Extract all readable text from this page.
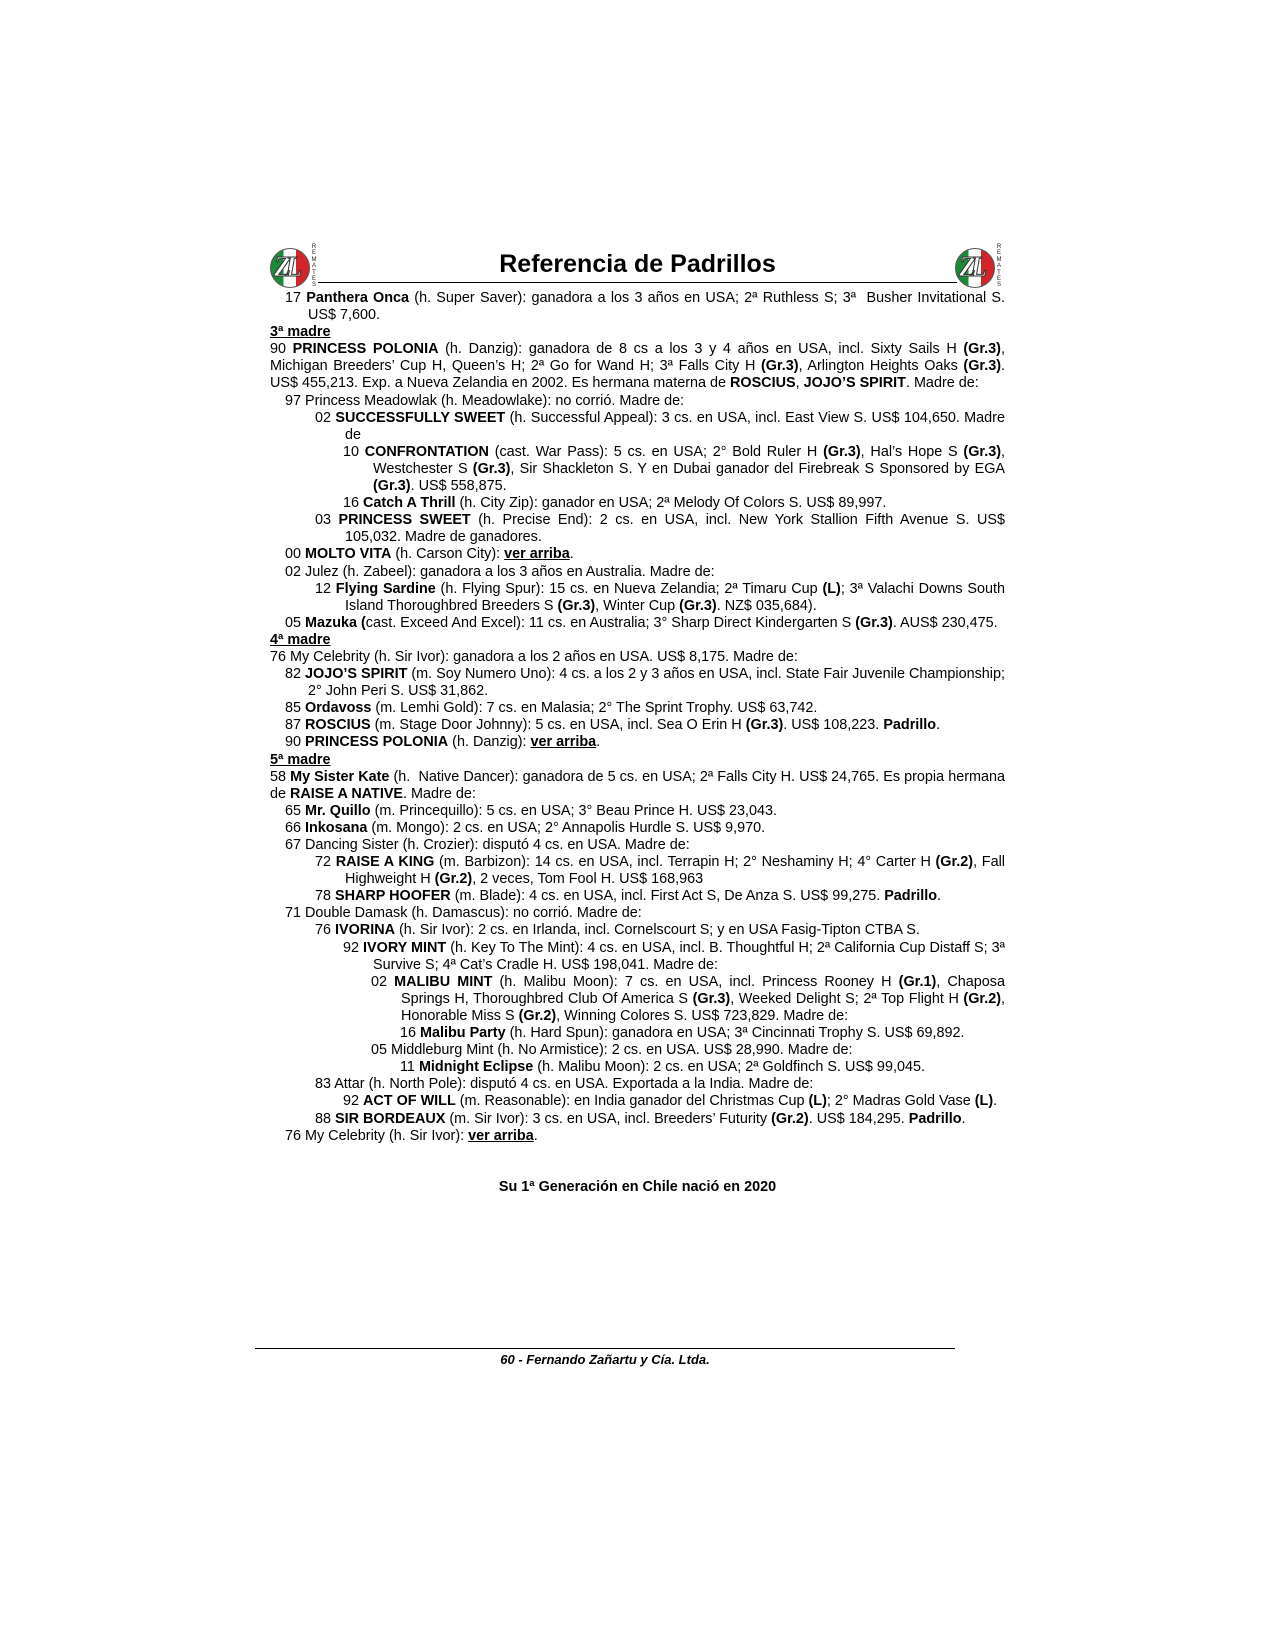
ZL
R
E
M
A
T
E
S
Referencia de Padrillos	ZL
R
E
M
A
T
E
S

17 Panthera Onca (h. Super Saver): ganadora a los 3 años en USA; 2ª Ruthless S; 3ª  Busher Invitational S. US$ 7,600.

3ª madre

90 PRINCESS POLONIA (h. Danzig): ganadora de 8 cs a los 3 y 4 años en USA, incl. Sixty Sails H (Gr.3), Michigan Breeders’ Cup H, Queen’s H; 2ª Go for Wand H; 3ª Falls City H (Gr.3), Arlington Heights Oaks (Gr.3). US$ 455,213. Exp. a Nueva Zelandia en 2002. Es hermana materna de ROSCIUS, JOJO’S SPIRIT. Madre de:

97 Princess Meadowlak (h. Meadowlake): no corrió. Madre de:

02 SUCCESSFULLY SWEET (h. Successful Appeal): 3 cs. en USA, incl. East View S. US$ 104,650. Madre de

10 CONFRONTATION (cast. War Pass): 5 cs. en USA; 2° Bold Ruler H (Gr.3), Hal’s Hope S (Gr.3), Westchester S (Gr.3), Sir Shackleton S. Y en Dubai ganador del Firebreak S Sponsored by EGA (Gr.3). US$ 558,875.

16 Catch A Thrill (h. City Zip): ganador en USA; 2ª Melody Of Colors S. US$ 89,997.

03 PRINCESS SWEET (h. Precise End): 2 cs. en USA, incl. New York Stallion Fifth Avenue S. US$ 105,032. Madre de ganadores.

00 MOLTO VITA (h. Carson City): ver arriba.

02 Julez (h. Zabeel): ganadora a los 3 años en Australia. Madre de:

12 Flying Sardine (h. Flying Spur): 15 cs. en Nueva Zelandia; 2ª Timaru Cup (L); 3ª Valachi Downs South Island Thoroughbred Breeders S (Gr.3), Winter Cup (Gr.3). NZ$ 035,684).

05 Mazuka (cast. Exceed And Excel): 11 cs. en Australia; 3° Sharp Direct Kindergarten S (Gr.3). AUS$ 230,475.

4ª madre

76 My Celebrity (h. Sir Ivor): ganadora a los 2 años en USA. US$ 8,175. Madre de:

82 JOJO’S SPIRIT (m. Soy Numero Uno): 4 cs. a los 2 y 3 años en USA, incl. State Fair Juvenile Championship; 2° John Peri S. US$ 31,862.

85 Ordavoss (m. Lemhi Gold): 7 cs. en Malasia; 2° The Sprint Trophy. US$ 63,742.

87 ROSCIUS (m. Stage Door Johnny): 5 cs. en USA, incl. Sea O Erin H (Gr.3). US$ 108,223. Padrillo.

90 PRINCESS POLONIA (h. Danzig): ver arriba.

5ª madre

58 My Sister Kate (h.  Native Dancer): ganadora de 5 cs. en USA; 2ª Falls City H. US$ 24,765. Es propia hermana de RAISE A NATIVE. Madre de:

65 Mr. Quillo (m. Princequillo): 5 cs. en USA; 3° Beau Prince H. US$ 23,043.

66 Inkosana (m. Mongo): 2 cs. en USA; 2° Annapolis Hurdle S. US$ 9,970.

67 Dancing Sister (h. Crozier): disputó 4 cs. en USA. Madre de:

72 RAISE A KING (m. Barbizon): 14 cs. en USA, incl. Terrapin H; 2° Neshaminy H; 4° Carter H (Gr.2), Fall Highweight H (Gr.2), 2 veces, Tom Fool H. US$ 168,963

78 SHARP HOOFER (m. Blade): 4 cs. en USA, incl. First Act S, De Anza S. US$ 99,275. Padrillo.

71 Double Damask (h. Damascus): no corrió. Madre de:

76 IVORINA (h. Sir Ivor): 2 cs. en Irlanda, incl. Cornelscourt S; y en USA Fasig-Tipton CTBA S.

92 IVORY MINT (h. Key To The Mint): 4 cs. en USA, incl. B. Thoughtful H; 2ª California Cup Distaff S; 3ª Survive S; 4ª Cat’s Cradle H. US$ 198,041. Madre de:

02 MALIBU MINT (h. Malibu Moon): 7 cs. en USA, incl. Princess Rooney H (Gr.1), Chaposa Springs H, Thoroughbred Club Of America S (Gr.3), Weeked Delight S; 2ª Top Flight H (Gr.2), Honorable Miss S (Gr.2), Winning Colores S. US$ 723,829. Madre de:

16 Malibu Party (h. Hard Spun): ganadora en USA; 3ª Cincinnati Trophy S. US$ 69,892.

05 Middleburg Mint (h. No Armistice): 2 cs. en USA. US$ 28,990. Madre de:

11 Midnight Eclipse (h. Malibu Moon): 2 cs. en USA; 2ª Goldfinch S. US$ 99,045.

83 Attar (h. North Pole): disputó 4 cs. en USA. Exportada a la India. Madre de:

92 ACT OF WILL (m. Reasonable): en India ganador del Christmas Cup (L); 2° Madras Gold Vase (L).

88 SIR BORDEAUX (m. Sir Ivor): 3 cs. en USA, incl. Breeders’ Futurity (Gr.2). US$ 184,295. Padrillo.

76 My Celebrity (h. Sir Ivor): ver arriba.

Su 1ª Generación en Chile nació en 2020
60 - Fernando Zañartu y Cía. Ltda.
